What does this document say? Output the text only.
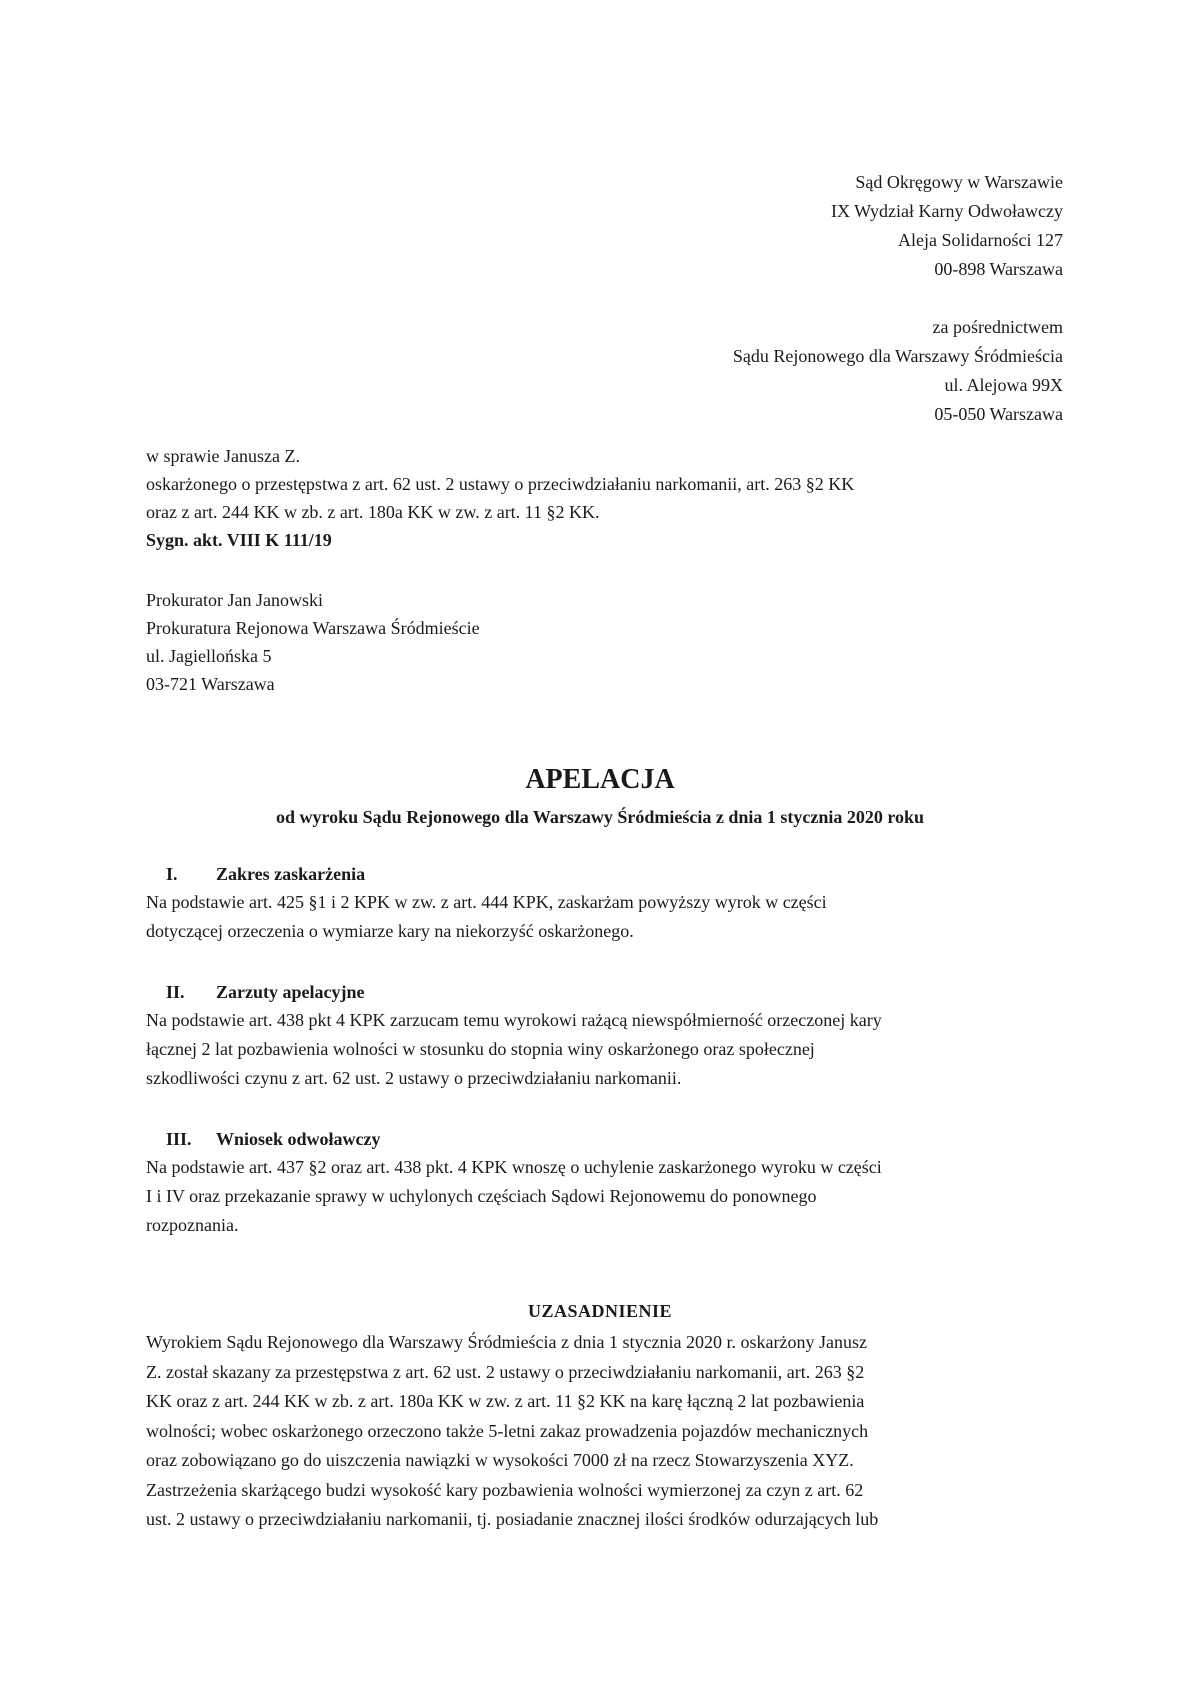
Sąd Okręgowy w Warszawie
IX Wydział Karny Odwoławczy
Aleja Solidarności 127
00-898 Warszawa
za pośrednictwem
Sądu Rejonowego dla Warszawy Śródmieścia
ul. Alejowa 99X
05-050 Warszawa
w sprawie Janusza Z.
oskarżonego o przestępstwa z art. 62 ust. 2 ustawy o przeciwdziałaniu narkomanii, art. 263 §2 KK
oraz z art. 244 KK w zb. z art. 180a KK w zw. z art. 11 §2 KK.
Sygn. akt. VIII K 111/19
Prokurator Jan Janowski
Prokuratura Rejonowa Warszawa Śródmieście
ul. Jagiellońska 5
03-721 Warszawa
APELACJA
od wyroku Sądu Rejonowego dla Warszawy Śródmieścia z dnia 1 stycznia 2020 roku
I.	Zakres zaskarżenia
Na podstawie art. 425 §1 i 2 KPK w zw. z art. 444 KPK, zaskarżam powyższy wyrok w części
dotyczącej orzeczenia o wymiarze kary na niekorzyść oskarżonego.
II.	Zarzuty apelacyjne
Na podstawie art. 438 pkt 4 KPK zarzucam temu wyrokowi rażącą niewspółmierność orzeczonej kary
łącznej 2 lat pozbawienia wolności w stosunku do stopnia winy oskarżonego oraz społecznej
szkodliwości czynu z art. 62 ust. 2 ustawy o przeciwdziałaniu narkomanii.
III.	Wniosek odwoławczy
Na podstawie art. 437 §2 oraz art. 438 pkt. 4 KPK wnoszę o uchylenie zaskarżonego wyroku w części
I i IV oraz przekazanie sprawy w uchylonych częściach Sądowi Rejonowemu do ponownego
rozpoznania.
UZASADNIENIE
Wyrokiem Sądu Rejonowego dla Warszawy Śródmieścia z dnia 1 stycznia 2020 r. oskarżony Janusz
Z. został skazany za przestępstwa z art. 62 ust. 2 ustawy o przeciwdziałaniu narkomanii, art. 263 §2
KK oraz z art. 244 KK w zb. z art. 180a KK w zw. z art. 11 §2 KK na karę łączną 2 lat pozbawienia
wolności; wobec oskarżonego orzeczono także 5-letni zakaz prowadzenia pojazdów mechanicznych
oraz zobowiązano go do uiszczenia nawiązki w wysokości 7000 zł na rzecz Stowarzyszenia XYZ.
Zastrzeżenia skarżącego budzi wysokość kary pozbawienia wolności wymierzonej za czyn z art. 62
ust. 2 ustawy o przeciwdziałaniu narkomanii, tj. posiadanie znacznej ilości środków odurzających lub
